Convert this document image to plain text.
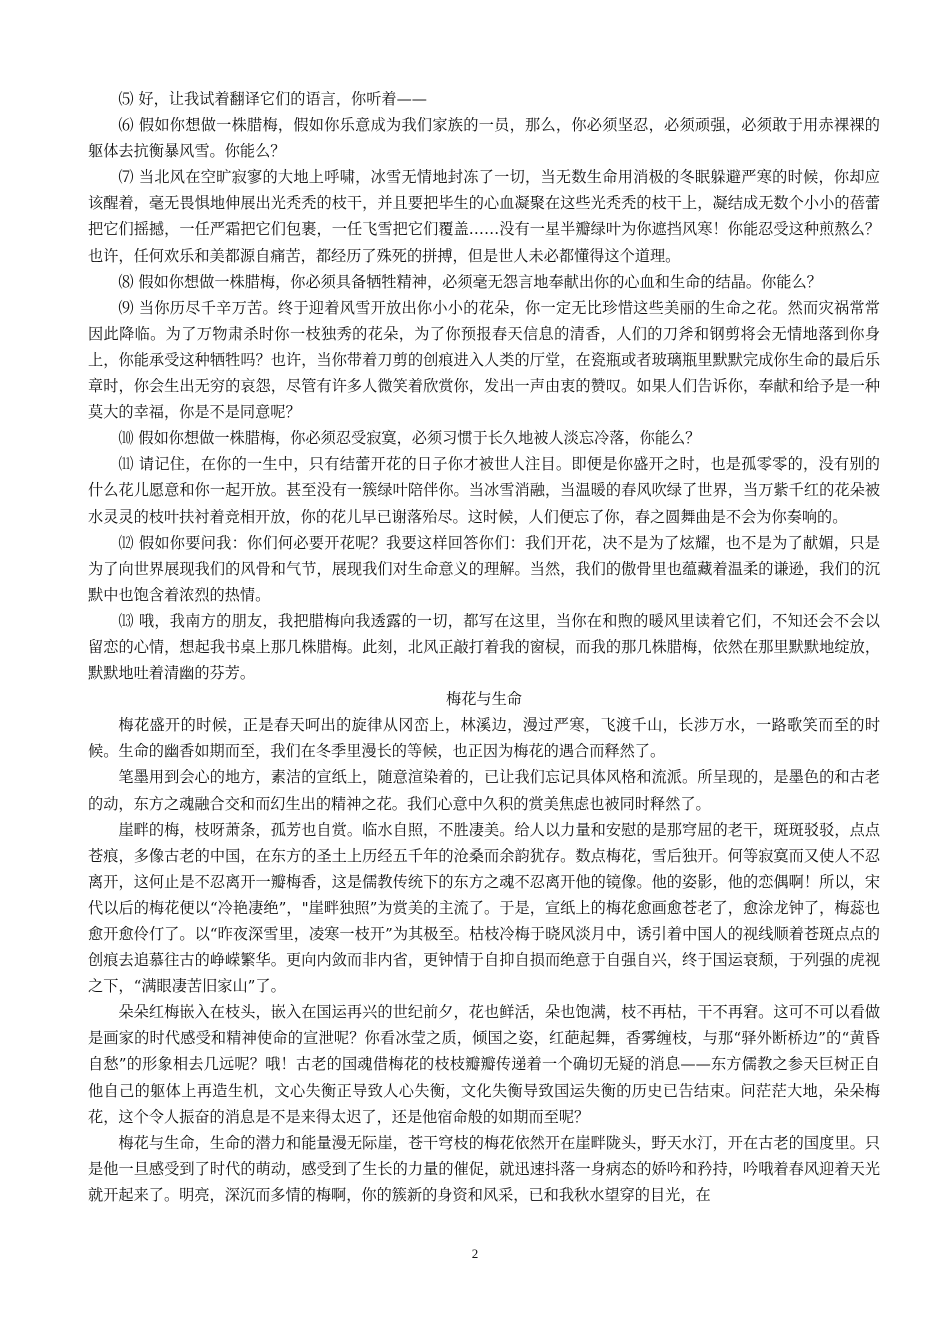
⑸ 好，让我试着翻译它们的语言，你听着——

⑹ 假如你想做一株腊梅，假如你乐意成为我们家族的一员，那么，你必须坚忍，必须顽强，必须敢于用赤裸裸的躯体去抗衡暴风雪。你能么？

⑺ 当北风在空旷寂寥的大地上呼啸，冰雪无情地封冻了一切，当无数生命用消极的冬眠躲避严寒的时候，你却应该醒着，毫无畏惧地伸展出光秃秃的枝干，并且要把毕生的心血凝聚在这些光秃秃的枝干上，凝结成无数个小小的蓓蕾把它们摇撼，一任严霜把它们包裹，一任飞雪把它们覆盖……没有一星半瓣绿叶为你遮挡风寒！你能忍受这种煎熬么？也许，任何欢乐和美都源自痛苦，都经历了殊死的拼搏，但是世人未必都懂得这个道理。

⑻ 假如你想做一株腊梅，你必须具备牺牲精神，必须毫无怨言地奉献出你的心血和生命的结晶。你能么？

⑼ 当你历尽千辛万苦。终于迎着风雪开放出你小小的花朵，你一定无比珍惜这些美丽的生命之花。然而灾祸常常因此降临。为了万物肃杀时你一枝独秀的花朵，为了你预报春天信息的清香，人们的刀斧和钢剪将会无情地落到你身上，你能承受这种牺牲吗？也许，当你带着刀剪的创痕进入人类的厅堂，在瓷瓶或者玻璃瓶里默默完成你生命的最后乐章时，你会生出无穷的哀怨，尽管有许多人微笑着欣赏你，发出一声由衷的赞叹。如果人们告诉你，奉献和给予是一种莫大的幸福，你是不是同意呢？

⑽ 假如你想做一株腊梅，你必须忍受寂寞，必须习惯于长久地被人淡忘冷落，你能么？

⑾ 请记住，在你的一生中，只有结蕾开花的日子你才被世人注目。即便是你盛开之时，也是孤零零的，没有别的什么花儿愿意和你一起开放。甚至没有一簇绿叶陪伴你。当冰雪消融，当温暖的春风吹绿了世界，当万紫千红的花朵被水灵灵的枝叶扶衬着竞相开放，你的花儿早已谢落殆尽。这时候，人们便忘了你，春之圆舞曲是不会为你奏响的。

⑿ 假如你要问我：你们何必要开花呢？我要这样回答你们：我们开花，决不是为了炫耀，也不是为了献媚，只是为了向世界展现我们的风骨和气节，展现我们对生命意义的理解。当然，我们的傲骨里也蕴藏着温柔的谦逊，我们的沉默中也饱含着浓烈的热情。

⒀ 哦，我南方的朋友，我把腊梅向我透露的一切，都写在这里，当你在和煦的暖风里读着它们，不知还会不会以留恋的心情，想起我书桌上那几株腊梅。此刻，北风正敲打着我的窗棂，而我的那几株腊梅，依然在那里默默地绽放，默默地吐着清幽的芬芳。

梅花与生命

梅花盛开的时候，正是春天呵出的旋律从冈峦上，林溪边，漫过严寒，飞渡千山，长涉万水，一路歌笑而至的时候。生命的幽香如期而至，我们在冬季里漫长的等候，也正因为梅花的遇合而释然了。

笔墨用到会心的地方，素洁的宣纸上，随意渲染着的，已让我们忘记具体风格和流派。所呈现的，是墨色的和古老的动，东方之魂融合交和而幻生出的精神之花。我们心意中久积的赏美焦虑也被同时释然了。

崖畔的梅，枝呀萧条，孤芳也自赏。临水自照，不胜凄美。给人以力量和安慰的是那穹屈的老干，斑斑驳驳，点点苍痕，多像古老的中国，在东方的圣土上历经五千年的沧桑而余韵犹存。数点梅花，雪后独开。何等寂寞而又使人不忍离开，这何止是不忍离开一瓣梅香，这是儒教传统下的东方之魂不忍离开他的镜像。他的姿影，他的恋偶啊！所以，宋代以后的梅花便以“冷艳凄绝”，"崖畔独照”为赏美的主流了。于是，宣纸上的梅花愈画愈苍老了，愈涂龙钟了，梅蕊也愈开愈伶仃了。以“昨夜深雪里，凌寒一枝开”为其极至。枯枝冷梅于晓风淡月中，诱引着中国人的视线顺着苍斑点点的创痕去追慕往古的峥嵘繁华。更向内敛而非内省，更钟情于自抑自损而绝意于自强自兴，终于国运衰颓，于列强的虎视之下，“满眼凄苦旧家山”了。

朵朵红梅嵌入在枝头，嵌入在国运再兴的世纪前夕，花也鲜活，朵也饱满，枝不再枯，干不再窘。这可不可以看做是画家的时代感受和精神使命的宣泄呢？你看冰莹之质，倾国之姿，红葩起舞，香雾缠枝，与那“驿外断桥边”的“黄昏自愁”的形象相去几远呢？哦！古老的国魂借梅花的枝枝瓣瓣传递着一个确切无疑的消息——东方儒教之参天巨树正自他自己的躯体上再造生机，文心失衡正导致人心失衡，文化失衡导致国运失衡的历史已告结束。问茫茫大地，朵朵梅花，这个令人振奋的消息是不是来得太迟了，还是他宿命般的如期而至呢？

梅花与生命，生命的潜力和能量漫无际崖，苍干穹枝的梅花依然开在崖畔陇头，野天水汀，开在古老的国度里。只是他一旦感受到了时代的萌动，感受到了生长的力量的催促，就迅速抖落一身病态的娇吟和矜持，吟哦着春风迎着天光就开起来了。明亮，深沉而多情的梅啊，你的簇新的身资和风采，已和我秋水望穿的目光，在

2
